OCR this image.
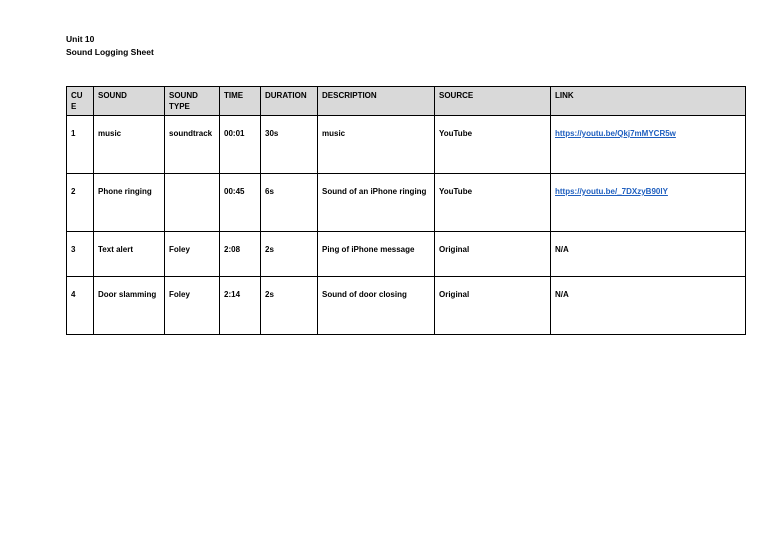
Unit 10
Sound Logging Sheet
CU E	SOUND	SOUND TYPE	TIME	DURATION	DESCRIPTION	SOURCE	LINK
1	music	soundtrack	00:01	30s	music	YouTube	https://youtu.be/Qkj7mMYCR5w
2	Phone ringing		00:45	6s	Sound of an iPhone ringing	YouTube	https://youtu.be/_7DXzyB90lY
3	Text alert	Foley	2:08	2s	Ping of iPhone message	Original	N/A
4	Door slamming	Foley	2:14	2s	Sound of door closing	Original	N/A
